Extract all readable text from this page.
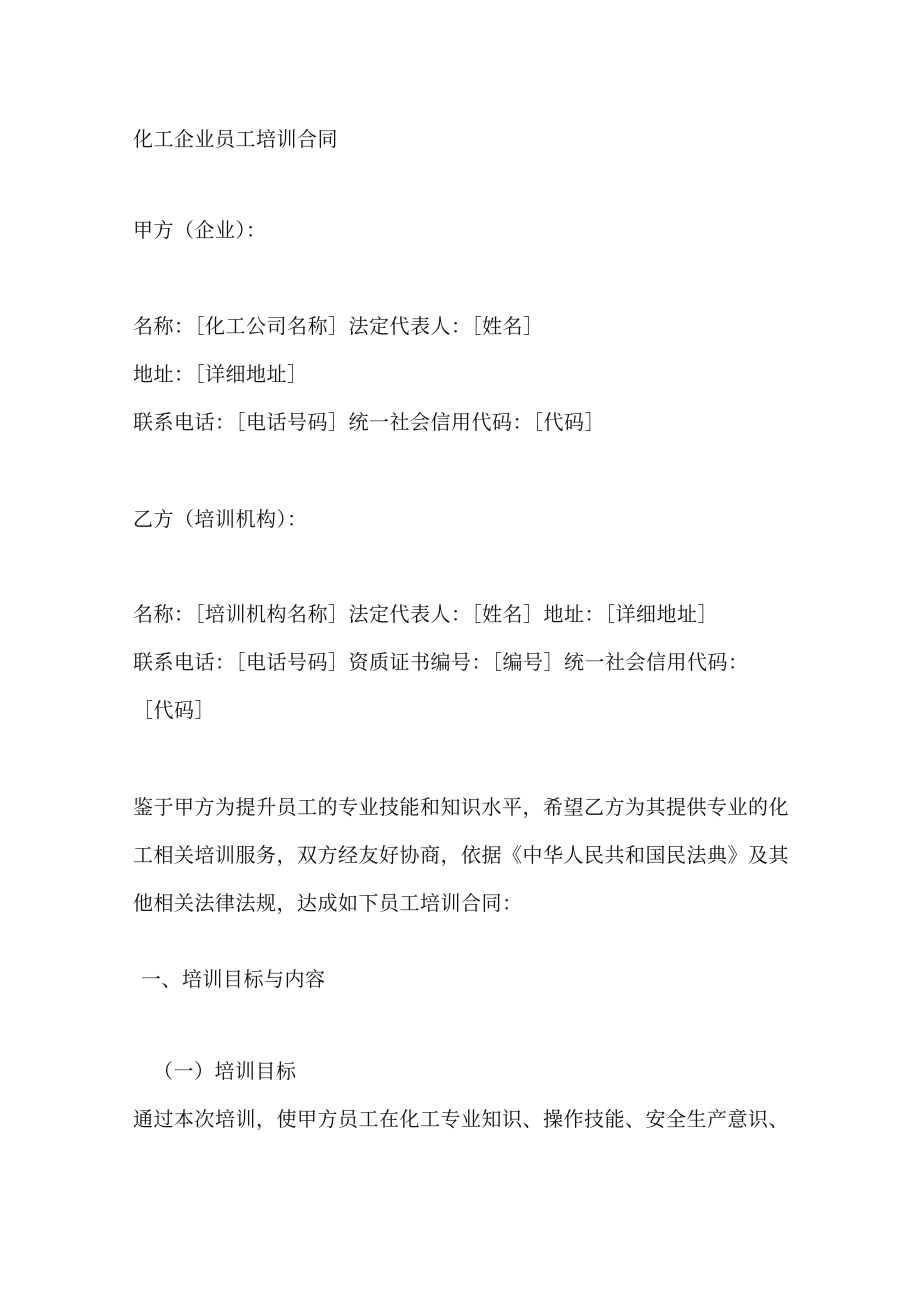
化工企业员工培训合同
甲方（企业）：
名称：［化工公司名称］法定代表人：［姓名］
地址：［详细地址］
联系电话：［电话号码］统一社会信用代码：［代码］
乙方（培训机构）：
名称：［培训机构名称］法定代表人：［姓名］地址：［详细地址］
联系电话：［电话号码］资质证书编号：［编号］统一社会信用代码：
［代码］
鉴于甲方为提升员工的专业技能和知识水平，希望乙方为其提供专业的化
工相关培训服务，双方经友好协商，依据《中华人民共和国民法典》及其
他相关法律法规，达成如下员工培训合同：
一、培训目标与内容
（一）培训目标
通过本次培训，使甲方员工在化工专业知识、操作技能、安全生产意识、
